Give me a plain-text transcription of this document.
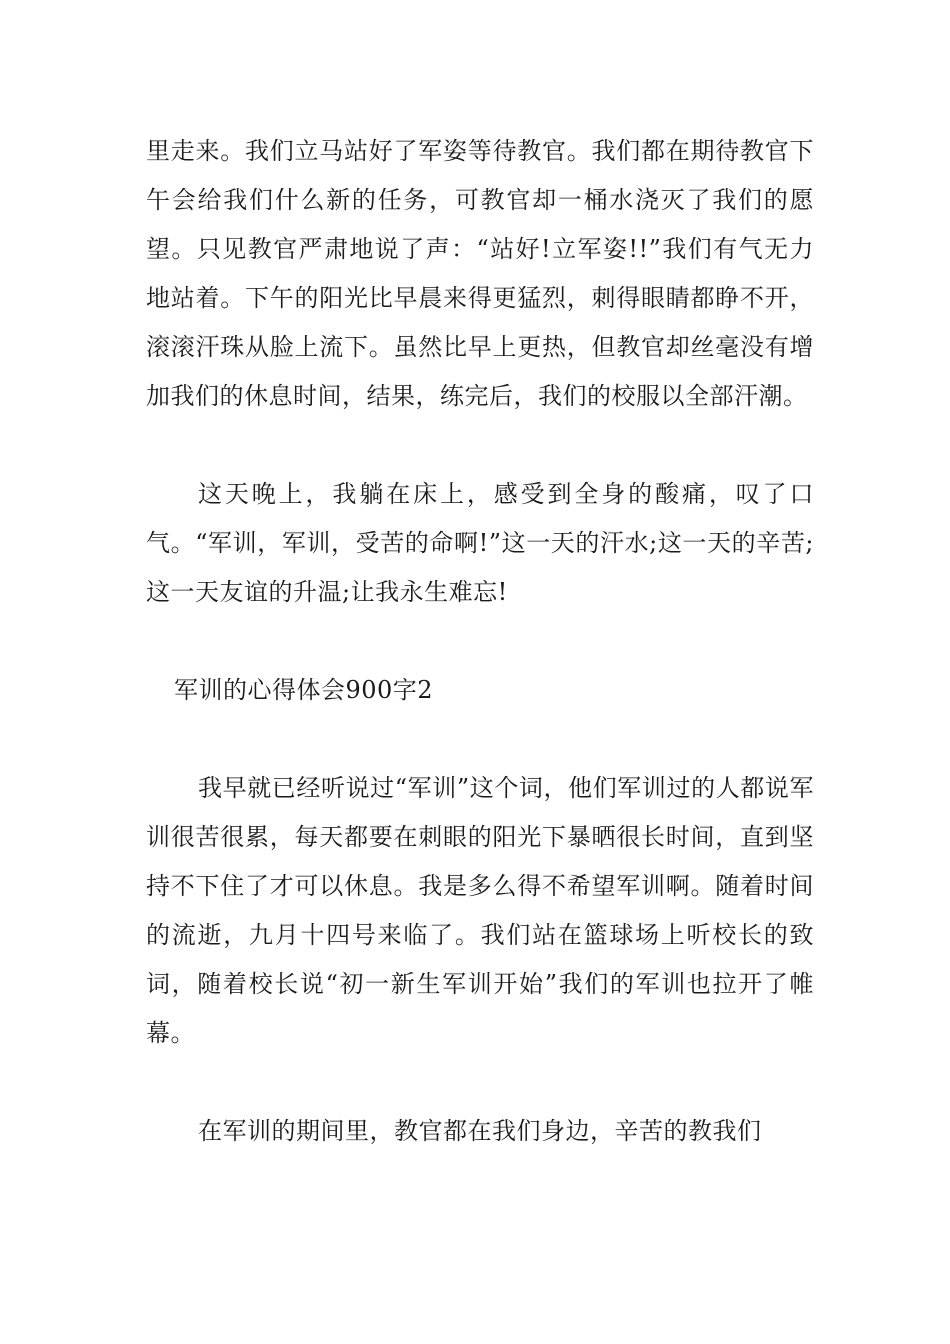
里走来。我们立马站好了军姿等待教官。我们都在期待教官下午会给我们什么新的任务，可教官却一桶水浇灭了我们的愿望。只见教官严肃地说了声：“站好!立军姿!!”我们有气无力地站着。下午的阳光比早晨来得更猛烈，刺得眼睛都睁不开，滚滚汗珠从脸上流下。虽然比早上更热，但教官却丝毫没有增加我们的休息时间，结果，练完后，我们的校服以全部汗潮。

这天晚上，我躺在床上，感受到全身的酸痛，叹了口气。“军训，军训，受苦的命啊!”这一天的汗水;这一天的辛苦;这一天友谊的升温;让我永生难忘!

军训的心得体会900字2

我早就已经听说过“军训”这个词，他们军训过的人都说军训很苦很累，每天都要在刺眼的阳光下暴晒很长时间，直到坚持不下住了才可以休息。我是多么得不希望军训啊。随着时间的流逝，九月十四号来临了。我们站在篮球场上听校长的致词，随着校长说“初一新生军训开始”我们的军训也拉开了帷幕。

在军训的期间里，教官都在我们身边，辛苦的教我们
